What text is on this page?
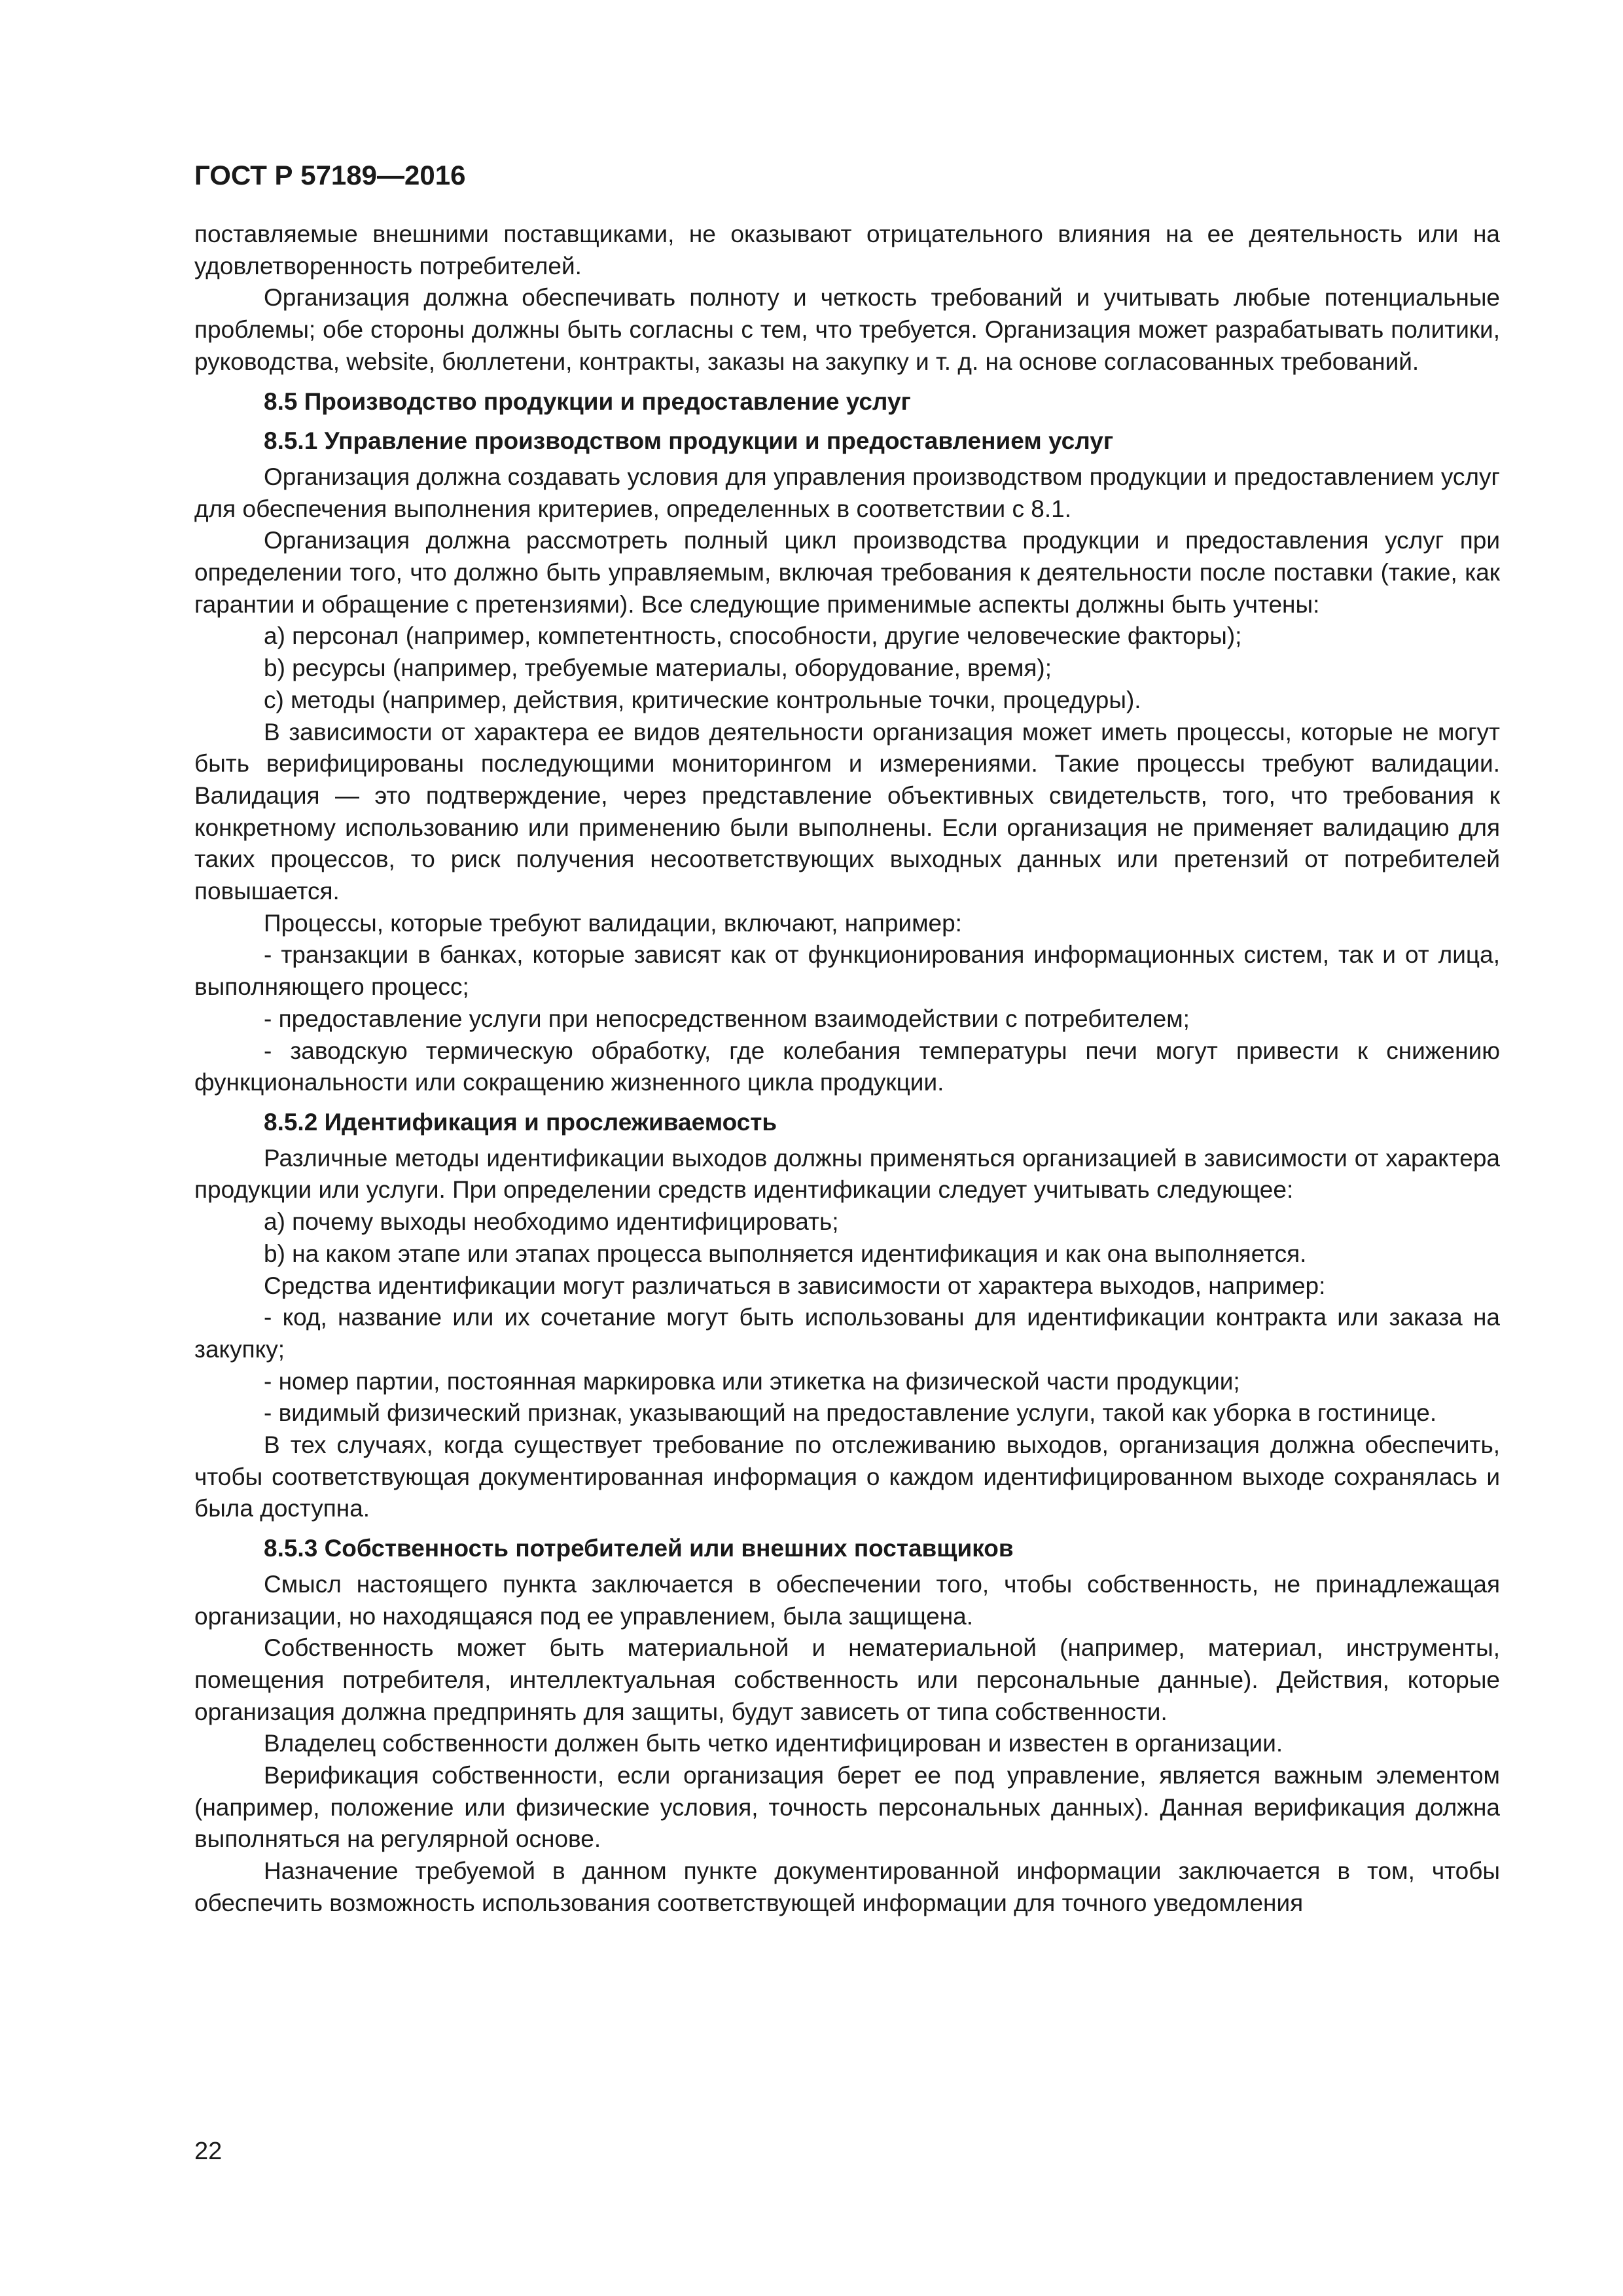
ГОСТ Р 57189—2016

поставляемые внешними поставщиками, не оказывают отрицательного влияния на ее деятельность или на удовлетворенность потребителей.

Организация должна обеспечивать полноту и четкость требований и учитывать любые потенциальные проблемы; обе стороны должны быть согласны с тем, что требуется. Организация может разрабатывать политики, руководства, website, бюллетени, контракты, заказы на закупку и т. д. на основе согласованных требований.

8.5 Производство продукции и предоставление услуг
8.5.1 Управление производством продукции и предоставлением услуг

Организация должна создавать условия для управления производством продукции и предоставлением услуг для обеспечения выполнения критериев, определенных в соответствии с 8.1.

Организация должна рассмотреть полный цикл производства продукции и предоставления услуг при определении того, что должно быть управляемым, включая требования к деятельности после поставки (такие, как гарантии и обращение с претензиями). Все следующие применимые аспекты должны быть учтены:

a) персонал (например, компетентность, способности, другие человеческие факторы);

b) ресурсы (например, требуемые материалы, оборудование, время);

c) методы (например, действия, критические контрольные точки, процедуры).

В зависимости от характера ее видов деятельности организация может иметь процессы, которые не могут быть верифицированы последующими мониторингом и измерениями. Такие процессы требуют валидации. Валидация — это подтверждение, через представление объективных свидетельств, того, что требования к конкретному использованию или применению были выполнены. Если организация не применяет валидацию для таких процессов, то риск получения несоответствующих выходных данных или претензий от потребителей повышается.

Процессы, которые требуют валидации, включают, например:

- транзакции в банках, которые зависят как от функционирования информационных систем, так и от лица, выполняющего процесс;

- предоставление услуги при непосредственном взаимодействии с потребителем;

- заводскую термическую обработку, где колебания температуры печи могут привести к снижению функциональности или сокращению жизненного цикла продукции.

8.5.2 Идентификация и прослеживаемость

Различные методы идентификации выходов должны применяться организацией в зависимости от характера продукции или услуги. При определении средств идентификации следует учитывать следующее:

a) почему выходы необходимо идентифицировать;

b) на каком этапе или этапах процесса выполняется идентификация и как она выполняется.

Средства идентификации могут различаться в зависимости от характера выходов, например:

- код, название или их сочетание могут быть использованы для идентификации контракта или заказа на закупку;

- номер партии, постоянная маркировка или этикетка на физической части продукции;

- видимый физический признак, указывающий на предоставление услуги, такой как уборка в гостинице.

В тех случаях, когда существует требование по отслеживанию выходов, организация должна обеспечить, чтобы соответствующая документированная информация о каждом идентифицированном выходе сохранялась и была доступна.

8.5.3 Собственность потребителей или внешних поставщиков

Смысл настоящего пункта заключается в обеспечении того, чтобы собственность, не принадлежащая организации, но находящаяся под ее управлением, была защищена.

Собственность может быть материальной и нематериальной (например, материал, инструменты, помещения потребителя, интеллектуальная собственность или персональные данные). Действия, которые организация должна предпринять для защиты, будут зависеть от типа собственности.

Владелец собственности должен быть четко идентифицирован и известен в организации.

Верификация собственности, если организация берет ее под управление, является важным элементом (например, положение или физические условия, точность персональных данных). Данная верификация должна выполняться на регулярной основе.

Назначение требуемой в данном пункте документированной информации заключается в том, чтобы обеспечить возможность использования соответствующей информации для точного уведомления

22
